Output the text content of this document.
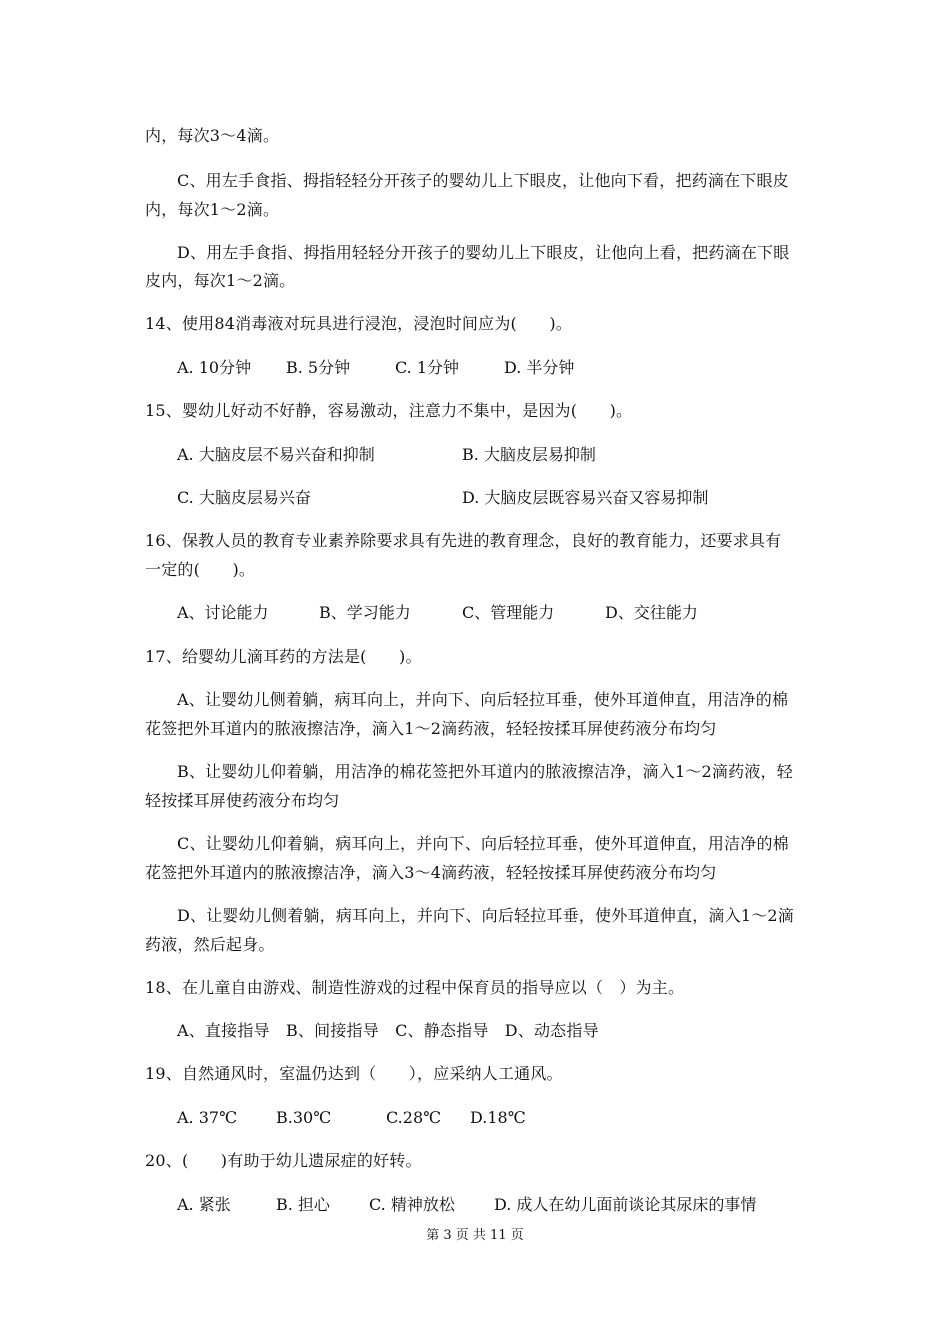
内，每次3～4滴。
C、用左手食指、拇指轻轻分开孩子的婴幼儿上下眼皮，让他向下看，把药滴在下眼皮
内，每次1～2滴。
D、用左手食指、拇指用轻轻分开孩子的婴幼儿上下眼皮，让他向上看，把药滴在下眼
皮内，每次1～2滴。
14、使用84消毒液对玩具进行浸泡，浸泡时间应为(　　)。
A. 10分钟 B. 5分钟	C. 1分钟	D. 半分钟
15、婴幼儿好动不好静，容易激动，注意力不集中，是因为(　　)。
A. 大脑皮层不易兴奋和抑制	B. 大脑皮层易抑制
C. 大脑皮层易兴奋	D. 大脑皮层既容易兴奋又容易抑制
16、保教人员的教育专业素养除要求具有先进的教育理念，良好的教育能力，还要求具有
一定的(　　)。
A、讨论能力	B、学习能力	C、管理能力	D、交往能力
17、给婴幼儿滴耳药的方法是(　　)。
A、让婴幼儿侧着躺，病耳向上，并向下、向后轻拉耳垂，使外耳道伸直，用洁净的棉
花签把外耳道内的脓液擦洁净，滴入1～2滴药液，轻轻按揉耳屏使药液分布均匀
B、让婴幼儿仰着躺，用洁净的棉花签把外耳道内的脓液擦洁净，滴入1～2滴药液，轻
轻按揉耳屏使药液分布均匀
C、让婴幼儿仰着躺，病耳向上，并向下、向后轻拉耳垂，使外耳道伸直，用洁净的棉
花签把外耳道内的脓液擦洁净，滴入3～4滴药液，轻轻按揉耳屏使药液分布均匀
D、让婴幼儿侧着躺，病耳向上，并向下、向后轻拉耳垂，使外耳道伸直，滴入1～2滴
药液，然后起身。
18、在儿童自由游戏、制造性游戏的过程中保育员的指导应以（　）为主。
A、直接指导　B、间接指导　C、静态指导　D、动态指导
19、自然通风时，室温仍达到（　　），应采纳人工通风。
A. 37℃ B.30℃	C.28℃ D.18℃
20、(　　)有助于幼儿遗尿症的好转。
A. 紧张	B. 担心 C. 精神放松 D. 成人在幼儿面前谈论其尿床的事情
第 3 页 共 11 页
